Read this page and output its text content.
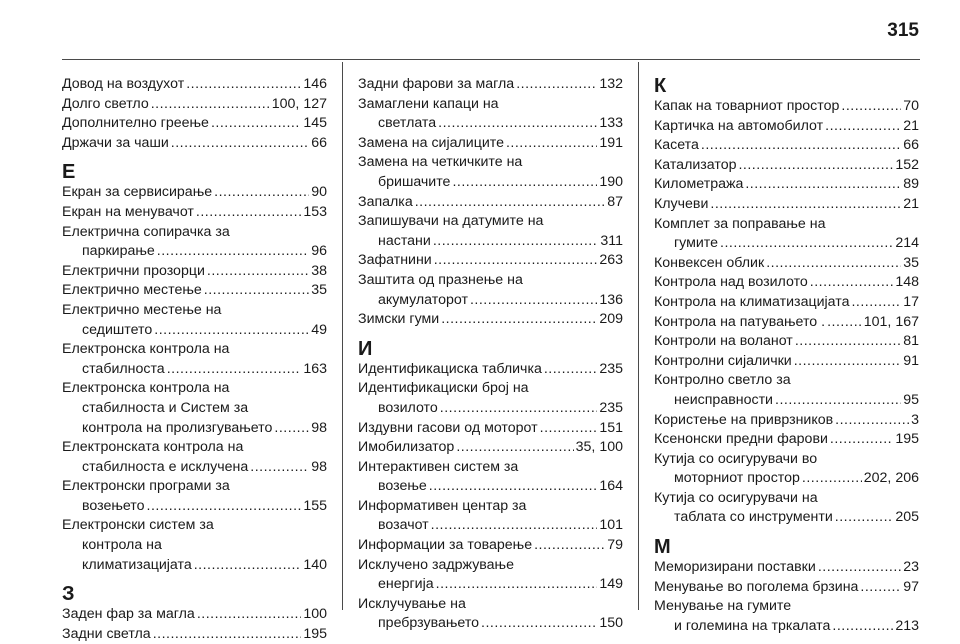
315
Довод на воздухот .....	146
Долго светло .....	100, 127
Дополнително греење .....	145
Држачи за чаши .....	66
Е
Екран за сервисирање .....	90
Екран на менувачот .....	153
Електрична сопирачка за
паркирање .....	96
Електрични прозорци .....	38
Електрично местење .....	35
Електрично местење на
седиштето .....	49
Електронска контрола на
стабилноста .....	163
Електронска контрола на
стабилноста и Систем за
контрола на пролизгувањето .....	98
Електронската контрола на
стабилноста е исклучена .....	98
Електронски програми за
возењето .....	155
Електронски систем за
контрола на
климатизацијата .....	140
З
Заден фар за магла .....	100
Задни светла .....	195
Задни фарови за магла .....	132
Замаглени капаци на
светлата .....	133
Замена на сијалиците .....	191
Замена на четкичките на
бришачите .....	190
Запалка .....	87
Запишувачи на датумите на
настани .....	311
Зафатнини .....	263
Заштита од празнење на
акумулаторот .....	136
Зимски гуми .....	209
И
Идентификациска табличка .....	235
Идентификациски број на
возилото .....	235
Издувни гасови од моторот .....	151
Имобилизатор .....	35, 100
Интерактивен систем за
возење .....	164
Информативен центар за
возачот .....	101
Информации за товарење .....	79
Исклучено задржување
енергија .....	149
Исклучување на
пребрзувањето .....	150
К
Капак на товарниот простор .....	70
Картичка на автомобилот .....	21
Касета .....	66
Катализатор .....	152
Километража .....	89
Клучеви .....	21
Комплет за поправање на
гумите .....	214
Конвексен облик .....	35
Контрола над возилото .....	148
Контрола на климатизацијата .....	17
Контрола на патувањето . .....	101, 167
Контроли на воланот .....	81
Контролни сијалички .....	91
Контролно светло за
неисправности .....	95
Користење на приврзников .....	3
Ксенонски предни фарови .....	195
Кутија со осигурувачи во
моторниот простор .....	202, 206
Кутија со осигурувачи на
таблата со инструменти .....	205
М
Меморизирани поставки .....	23
Менување во поголема брзина .....	97
Менување на гумите
и големина на тркалата .....	213
